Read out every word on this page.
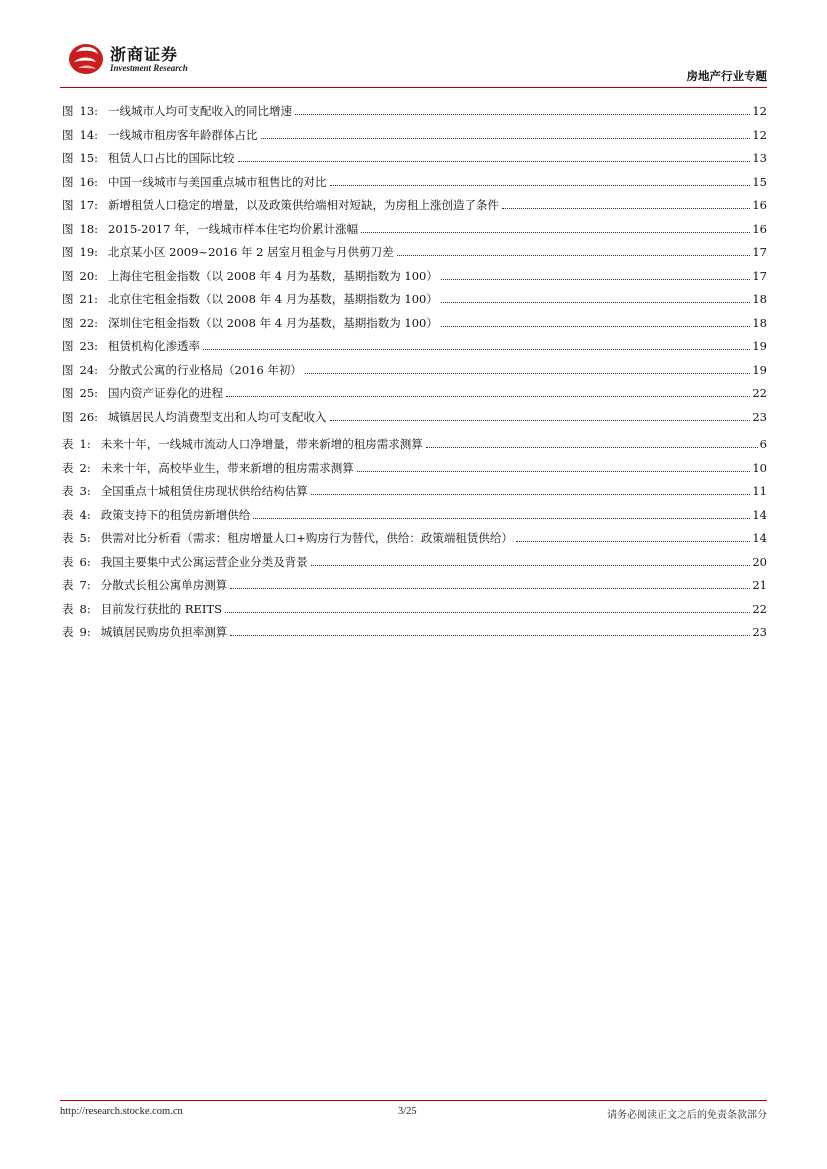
浙商证券
Investment Research
房地产行业专题
图 13: 一线城市人均可支配收入的同比增速	12
图 14: 一线城市租房客年龄群体占比	12
图 15: 租赁人口占比的国际比较	13
图 16: 中国一线城市与美国重点城市租售比的对比	15
图 17: 新增租赁人口稳定的增量，以及政策供给端相对短缺，为房租上涨创造了条件	16
图 18: 2015-2017 年，一线城市样本住宅均价累计涨幅	16
图 19: 北京某小区 2009~2016 年 2 居室月租金与月供剪刀差	17
图 20: 上海住宅租金指数（以 2008 年 4 月为基数，基期指数为 100）	17
图 21: 北京住宅租金指数（以 2008 年 4 月为基数，基期指数为 100）	18
图 22: 深圳住宅租金指数（以 2008 年 4 月为基数，基期指数为 100）	18
图 23: 租赁机构化渗透率	19
图 24: 分散式公寓的行业格局（2016 年初）	19
图 25: 国内资产证券化的进程	22
图 26: 城镇居民人均消费型支出和人均可支配收入	23
表 1: 未来十年，一线城市流动人口净增量，带来新增的租房需求测算	6
表 2: 未来十年，高校毕业生，带来新增的租房需求测算	10
表 3: 全国重点十城租赁住房现状供给结构估算	11
表 4: 政策支持下的租赁房新增供给	14
表 5: 供需对比分析看（需求：租房增量人口+购房行为替代，供给：政策端租赁供给）	14
表 6: 我国主要集中式公寓运营企业分类及背景	20
表 7: 分散式长租公寓单房测算	21
表 8: 目前发行获批的 REITS	22
表 9: 城镇居民购房负担率测算	23
http://research.stocke.com.cn	3/25	请务必阅读正文之后的免责条款部分
